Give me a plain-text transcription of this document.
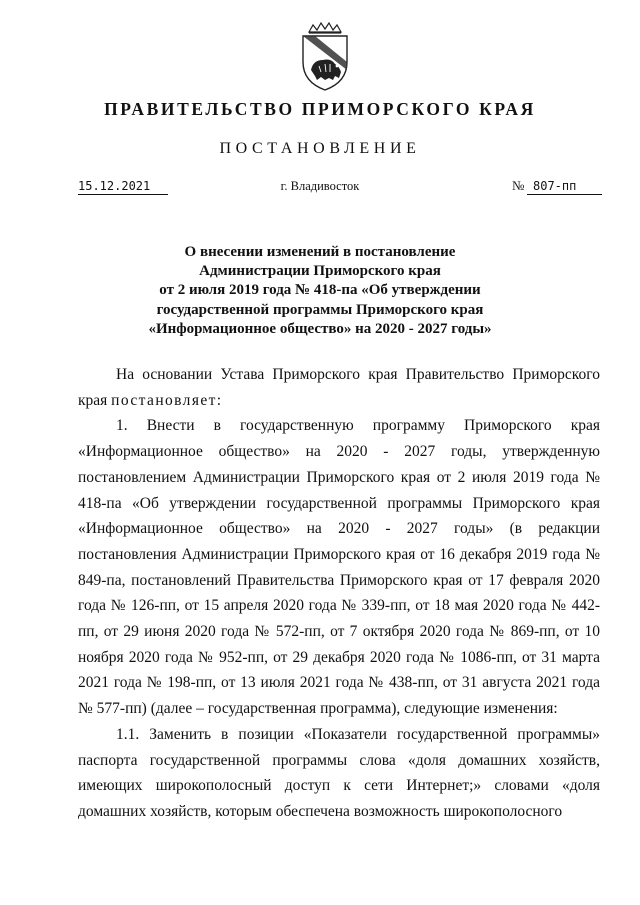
ПРАВИТЕЛЬСТВО ПРИМОРСКОГО КРАЯ
ПОСТАНОВЛЕНИЕ
15.12.2021	г. Владивосток	№ 807-пп
О внесении изменений в постановление
Администрации Приморского края
от 2 июля 2019 года № 418-па «Об утверждении
государственной программы Приморского края
«Информационное общество» на 2020 - 2027 годы»

На основании Устава Приморского края Правительство Приморского края постановляет:

1. Внести в государственную программу Приморского края «Информационное общество» на 2020 - 2027 годы, утвержденную постановлением Администрации Приморского края от 2 июля 2019 года № 418-па «Об утверждении государственной программы Приморского края «Информационное общество» на 2020 - 2027 годы» (в редакции постановления Администрации Приморского края от 16 декабря 2019 года № 849-па, постановлений Правительства Приморского края от 17 февраля 2020 года № 126-пп, от 15 апреля 2020 года № 339-пп, от 18 мая 2020 года № 442-пп, от 29 июня 2020 года № 572-пп, от 7 октября 2020 года № 869-пп, от 10 ноября 2020 года № 952-пп, от 29 декабря 2020 года № 1086-пп, от 31 марта 2021 года № 198-пп, от 13 июля 2021 года № 438-пп, от 31 августа 2021 года № 577-пп) (далее – государственная программа), следующие изменения:

1.1. Заменить в позиции «Показатели государственной программы» паспорта государственной программы слова «доля домашних хозяйств, имеющих широкополосный доступ к сети Интернет;» словами «доля домашних хозяйств, которым обеспечена возможность широкополосного
